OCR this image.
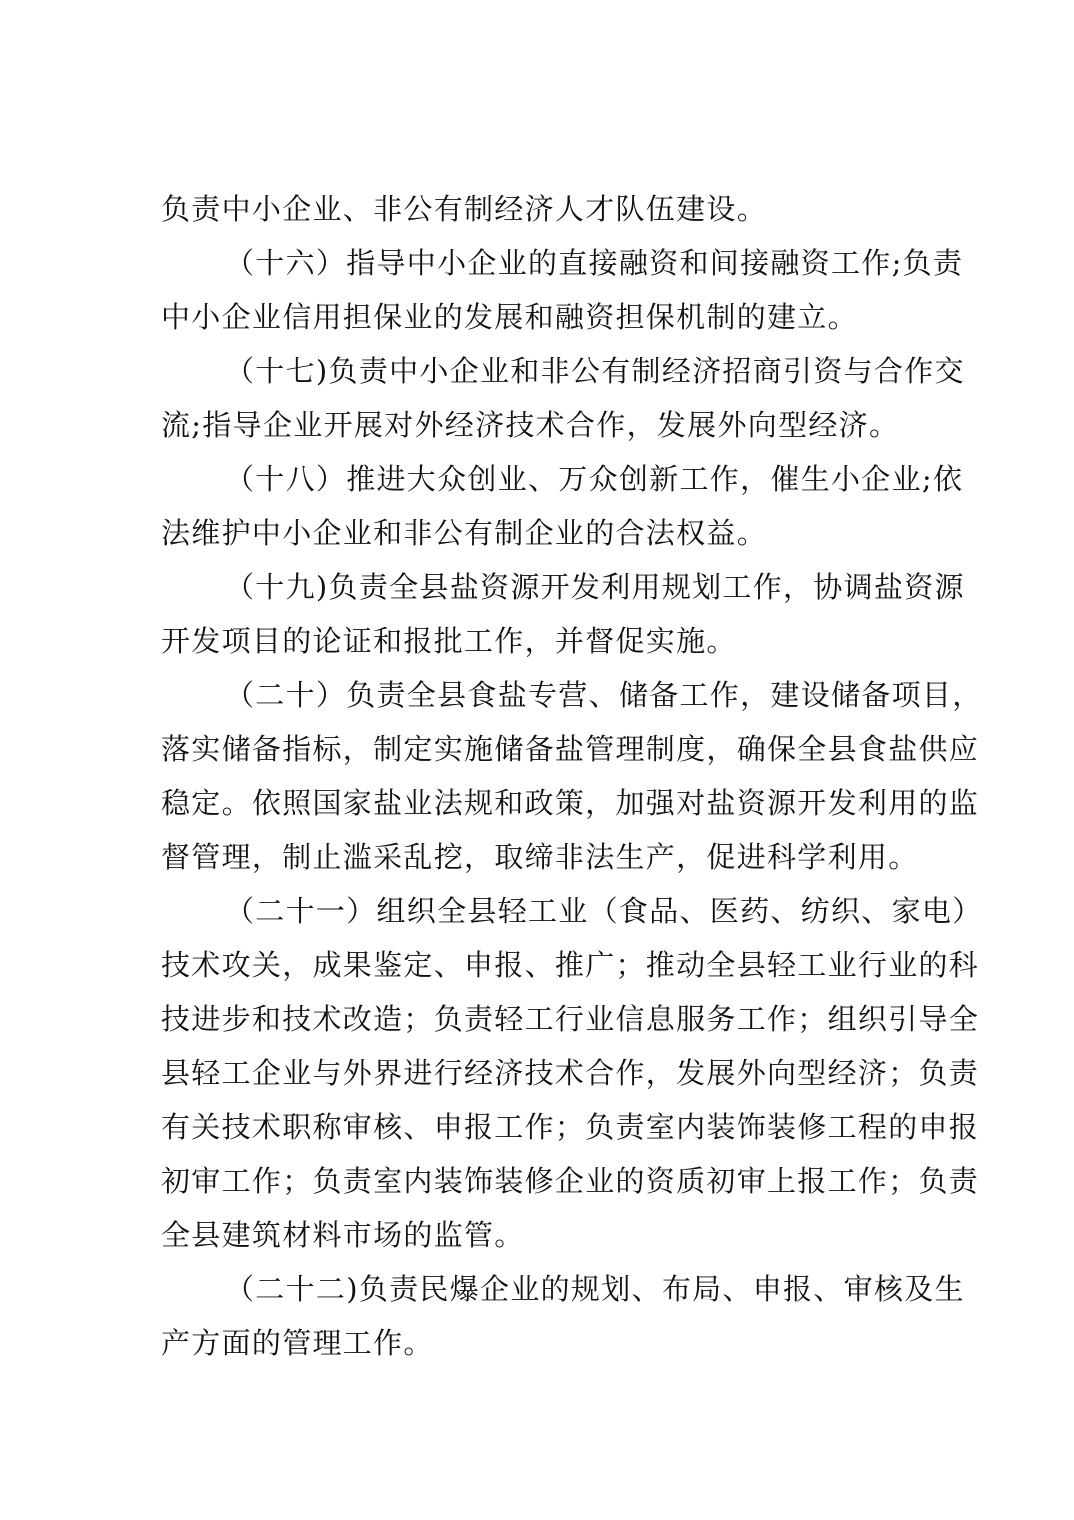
负责中小企业、非公有制经济人才队伍建设。
（十六）指导中小企业的直接融资和间接融资工作;负责
中小企业信用担保业的发展和融资担保机制的建立。
（十七)负责中小企业和非公有制经济招商引资与合作交
流;指导企业开展对外经济技术合作，发展外向型经济。
（十八）推进大众创业、万众创新工作，催生小企业;依
法维护中小企业和非公有制企业的合法权益。
（十九)负责全县盐资源开发利用规划工作，协调盐资源
开发项目的论证和报批工作，并督促实施。
（二十）负责全县食盐专营、储备工作，建设储备项目，
落实储备指标，制定实施储备盐管理制度，确保全县食盐供应
稳定。依照国家盐业法规和政策，加强对盐资源开发利用的监
督管理，制止滥采乱挖，取缔非法生产，促进科学利用。
（二十一）组织全县轻工业（食品、医药、纺织、家电）
技术攻关，成果鉴定、申报、推广；推动全县轻工业行业的科
技进步和技术改造；负责轻工行业信息服务工作；组织引导全
县轻工企业与外界进行经济技术合作，发展外向型经济；负责
有关技术职称审核、申报工作；负责室内装饰装修工程的申报
初审工作；负责室内装饰装修企业的资质初审上报工作；负责
全县建筑材料市场的监管。
（二十二)负责民爆企业的规划、布局、申报、审核及生
产方面的管理工作。
